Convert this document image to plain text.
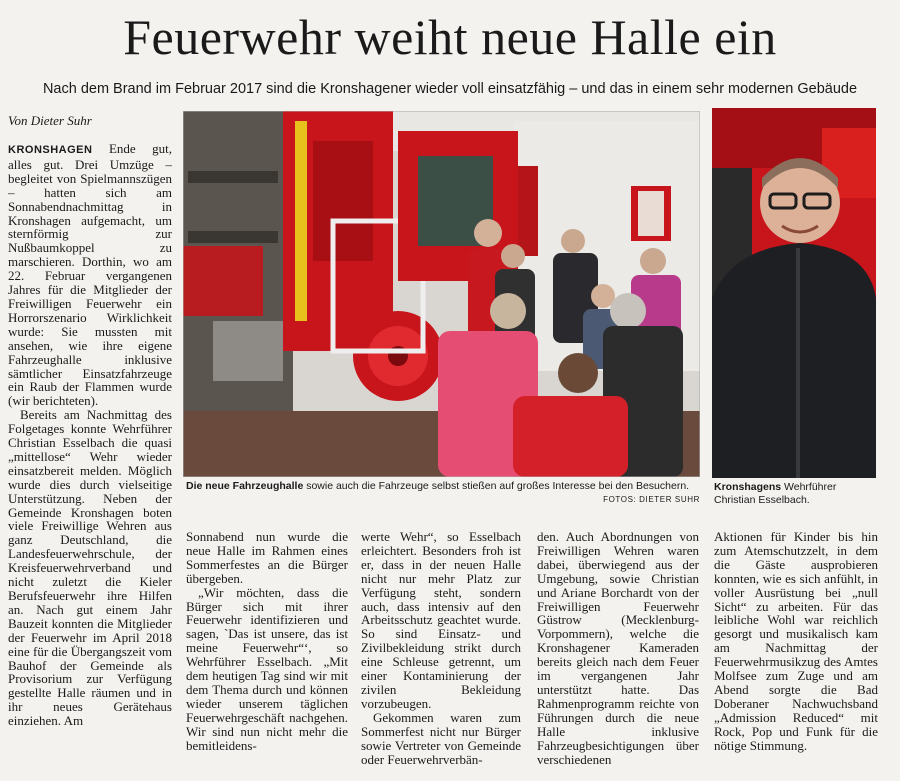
Feuerwehr weiht neue Halle ein
Nach dem Brand im Februar 2017 sind die Kronshagener wieder voll einsatzfähig – und das in einem sehr modernen Gebäude
Von Dieter Suhr
Die neue Fahrzeughalle sowie auch die Fahrzeuge selbst stießen auf großes Interesse bei den Besuchern.
FOTOS: DIETER SUHR
Kronshagens Wehrführer Christian Esselbach.

KRONSHAGEN Ende gut, alles gut. Drei Umzüge – begleitet von Spielmannszügen – hatten sich am Sonnabendnachmittag in Kronshagen aufgemacht, um sternförmig zur Nußbaumkoppel zu marschieren. Dorthin, wo am 22. Februar vergangenen Jahres für die Mitglieder der Freiwilligen Feuerwehr ein Horrorszenario Wirklichkeit wurde: Sie mussten mit ansehen, wie ihre eigene Fahrzeughalle inklusive sämtlicher Einsatzfahrzeuge ein Raub der Flammen wurde (wir berichteten).

Bereits am Nachmittag des Folgetages konnte Wehrführer Christian Esselbach die quasi „mittellose“ Wehr wieder einsatzbereit melden. Möglich wurde dies durch vielseitige Unterstützung. Neben der Gemeinde Kronshagen boten viele Freiwillige Wehren aus ganz Deutschland, die Landesfeuerwehrschule, der Kreisfeuerwehrverband und nicht zuletzt die Kieler Berufsfeuerwehr ihre Hilfen an. Nach gut einem Jahr Bauzeit konnten die Mitglieder der Feuerwehr im April 2018 eine für die Übergangszeit vom Bauhof der Gemeinde als Provisorium zur Verfügung gestellte Halle räumen und in ihr neues Gerätehaus einziehen. Am

Sonnabend nun wurde die neue Halle im Rahmen eines Sommerfestes an die Bürger übergeben.

„Wir möchten, dass die Bürger sich mit ihrer Feuerwehr identifizieren und sagen, `Das ist unsere, das ist meine Feuerwehr“‘, so Wehrführer Esselbach. „Mit dem heutigen Tag sind wir mit dem Thema durch und können wieder unserem täglichen Feuerwehrgeschäft nachgehen. Wir sind nun nicht mehr die bemitleidens-

werte Wehr“, so Esselbach erleichtert. Besonders froh ist er, dass in der neuen Halle nicht nur mehr Platz zur Verfügung steht, sondern auch, dass intensiv auf den Arbeitsschutz geachtet wurde. So sind Einsatz- und Zivilbekleidung strikt durch eine Schleuse getrennt, um einer Kontaminierung der zivilen Bekleidung vorzubeugen.

Gekommen waren zum Sommerfest nicht nur Bürger sowie Vertreter von Gemeinde oder Feuerwehrverbän-

den. Auch Abordnungen von Freiwilligen Wehren waren dabei, überwiegend aus der Umgebung, sowie Christian und Ariane Borchardt von der Freiwilligen Feuerwehr Güstrow (Mecklenburg-Vorpommern), welche die Kronshagener Kameraden bereits gleich nach dem Feuer im vergangenen Jahr unterstützt hatte. Das Rahmenprogramm reichte von Führungen durch die neue Halle inklusive Fahrzeugbesichtigungen über verschiedenen

Aktionen für Kinder bis hin zum Atemschutzzelt, in dem die Gäste ausprobieren konnten, wie es sich anfühlt, in voller Ausrüstung bei „null Sicht“ zu arbeiten. Für das leibliche Wohl war reichlich gesorgt und musikalisch kam am Nachmittag der Feuerwehrmusikzug des Amtes Molfsee zum Zuge und am Abend sorgte die Bad Doberaner Nachwuchsband „Admission Reduced“ mit Rock, Pop und Funk für die nötige Stimmung.
